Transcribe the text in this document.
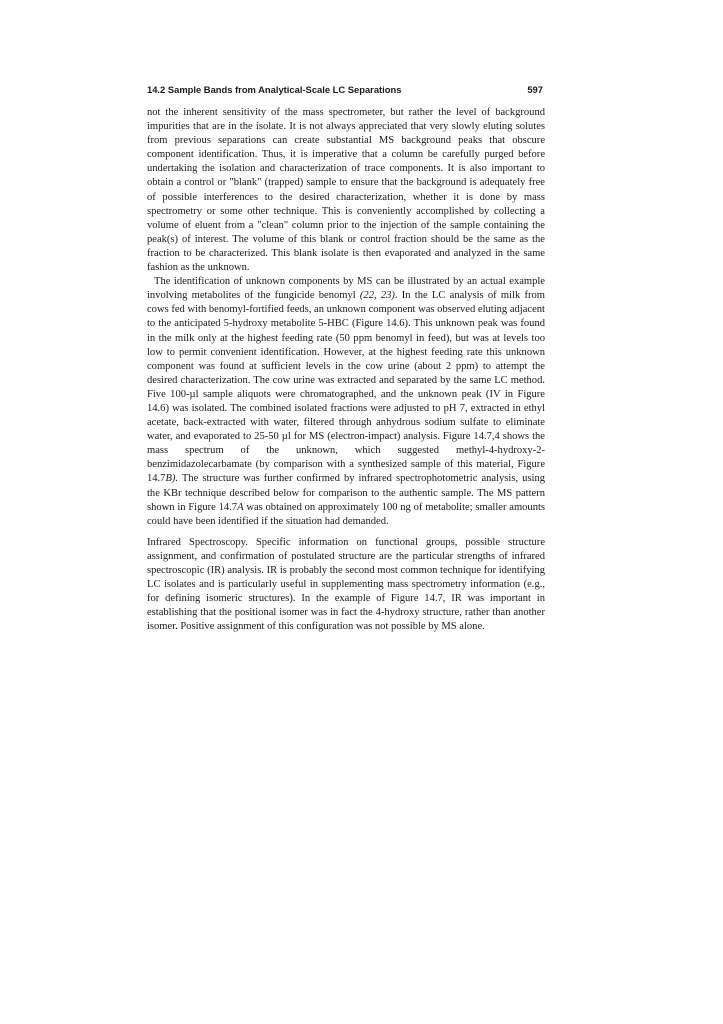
14.2 Sample Bands from Analytical-Scale LC Separations	597

not the inherent sensitivity of the mass spectrometer, but rather the level of background impurities that are in the isolate. It is not always appreciated that very slowly eluting solutes from previous separations can create substantial MS background peaks that obscure component identification. Thus, it is imperative that a column be carefully purged before undertaking the isolation and characterization of trace components. It is also important to obtain a control or "blank" (trapped) sample to ensure that the background is adequately free of possible interferences to the desired characterization, whether it is done by mass spectrometry or some other technique. This is conveniently accomplished by collecting a volume of eluent from a "clean" column prior to the injection of the sample containing the peak(s) of interest. The volume of this blank or control fraction should be the same as the fraction to be characterized. This blank isolate is then evaporated and analyzed in the same fashion as the unknown.

The identification of unknown components by MS can be illustrated by an actual example involving metabolites of the fungicide benomyl (22, 23). In the LC analysis of milk from cows fed with benomyl-fortified feeds, an unknown component was observed eluting adjacent to the anticipated 5-hydroxy metabolite 5-HBC (Figure 14.6). This unknown peak was found in the milk only at the highest feeding rate (50 ppm benomyl in feed), but was at levels too low to permit convenient identification. However, at the highest feeding rate this unknown component was found at sufficient levels in the cow urine (about 2 ppm) to attempt the desired characterization. The cow urine was extracted and separated by the same LC method. Five 100-µl sample aliquots were chromatographed, and the unknown peak (IV in Figure 14.6) was isolated. The combined isolated fractions were adjusted to pH 7, extracted in ethyl acetate, back-extracted with water, filtered through anhydrous sodium sulfate to eliminate water, and evaporated to 25-50 µl for MS (electron-impact) analysis. Figure 14.7,4 shows the mass spectrum of the unknown, which suggested methyl-4-hydroxy-2-benzimidazolecarbamate (by comparison with a synthesized sample of this material, Figure 14.7B). The structure was further confirmed by infrared spectrophotometric analysis, using the KBr technique described below for comparison to the authentic sample. The MS pattern shown in Figure 14.7A was obtained on approximately 100 ng of metabolite; smaller amounts could have been identified if the situation had demanded.

Infrared Spectroscopy. Specific information on functional groups, possible structure assignment, and confirmation of postulated structure are the particular strengths of infrared spectroscopic (IR) analysis. IR is probably the second most common technique for identifying LC isolates and is particularly useful in supplementing mass spectrometry information (e.g., for defining isomeric structures). In the example of Figure 14.7, IR was important in establishing that the positional isomer was in fact the 4-hydroxy structure, rather than another isomer. Positive assignment of this configuration was not possible by MS alone.
